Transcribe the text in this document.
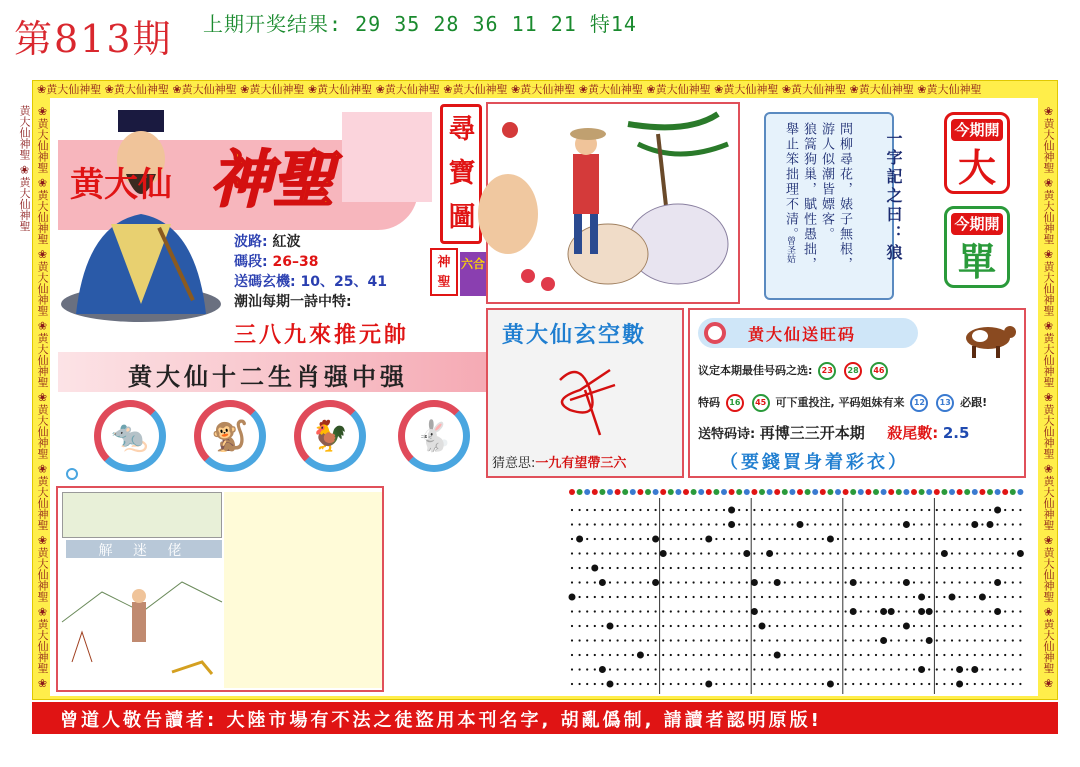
第813期 上期开奖结果: 29 35 28 36 11 21 特14
❀黄大仙神聖 ❀黄大仙神聖 ❀黄大仙神聖 ❀黄大仙神聖 ❀黄大仙神聖 ❀黄大仙神聖 ❀黄大仙神聖 ❀黄大仙神聖 ❀黄大仙神聖 ❀黄大仙神聖 ❀黄大仙神聖 ❀黄大仙神聖 ❀黄大仙神聖 ❀黄大仙神聖
❀黄大仙神聖 ❀黄大仙神聖 ❀黄大仙神聖 ❀黄大仙神聖 ❀黄大仙神聖 ❀黄大仙神聖 ❀黄大仙神聖 ❀黄大仙神聖 ❀黄大仙神聖 ❀黄大仙神聖	❀黄大仙神聖 ❀黄大仙神聖 ❀黄大仙神聖 ❀黄大仙神聖 ❀黄大仙神聖 ❀黄大仙神聖 ❀黄大仙神聖 ❀黄大仙神聖 ❀
黄大仙 神聖
波路: 紅波
碼段: 26–38
送碼玄機: 10、25、41
潮汕每期一詩中特:
三八九來推元帥
黄大仙十二生肖强中强
🐀	🐒	🐓	🐇
尋寶圖
神聖
六合
一字記之曰：狼
問柳尋花，婊子無根，
游人似潮皆嫖客。
狼篙狗巢，賦性愚拙，
舉止笨拙理不清。
曾圣姑
今期開
大
今期開
單
黄大仙玄空數
猜意思:一九有望帶三六
黄大仙送旺码
议定本期最佳号码之选: 23 28 46
特码 16 45 可下重投注, 平码姐妹有来 12 13 必跟!
送特码诗: 再博三三开本期 殺尾數: 2.5
（要錢買身着彩衣）
解 迷 佬
曾道人敬告讀者: 大陸市場有不法之徒盜用本刊名字, 胡亂僞制, 請讀者認明原版!
